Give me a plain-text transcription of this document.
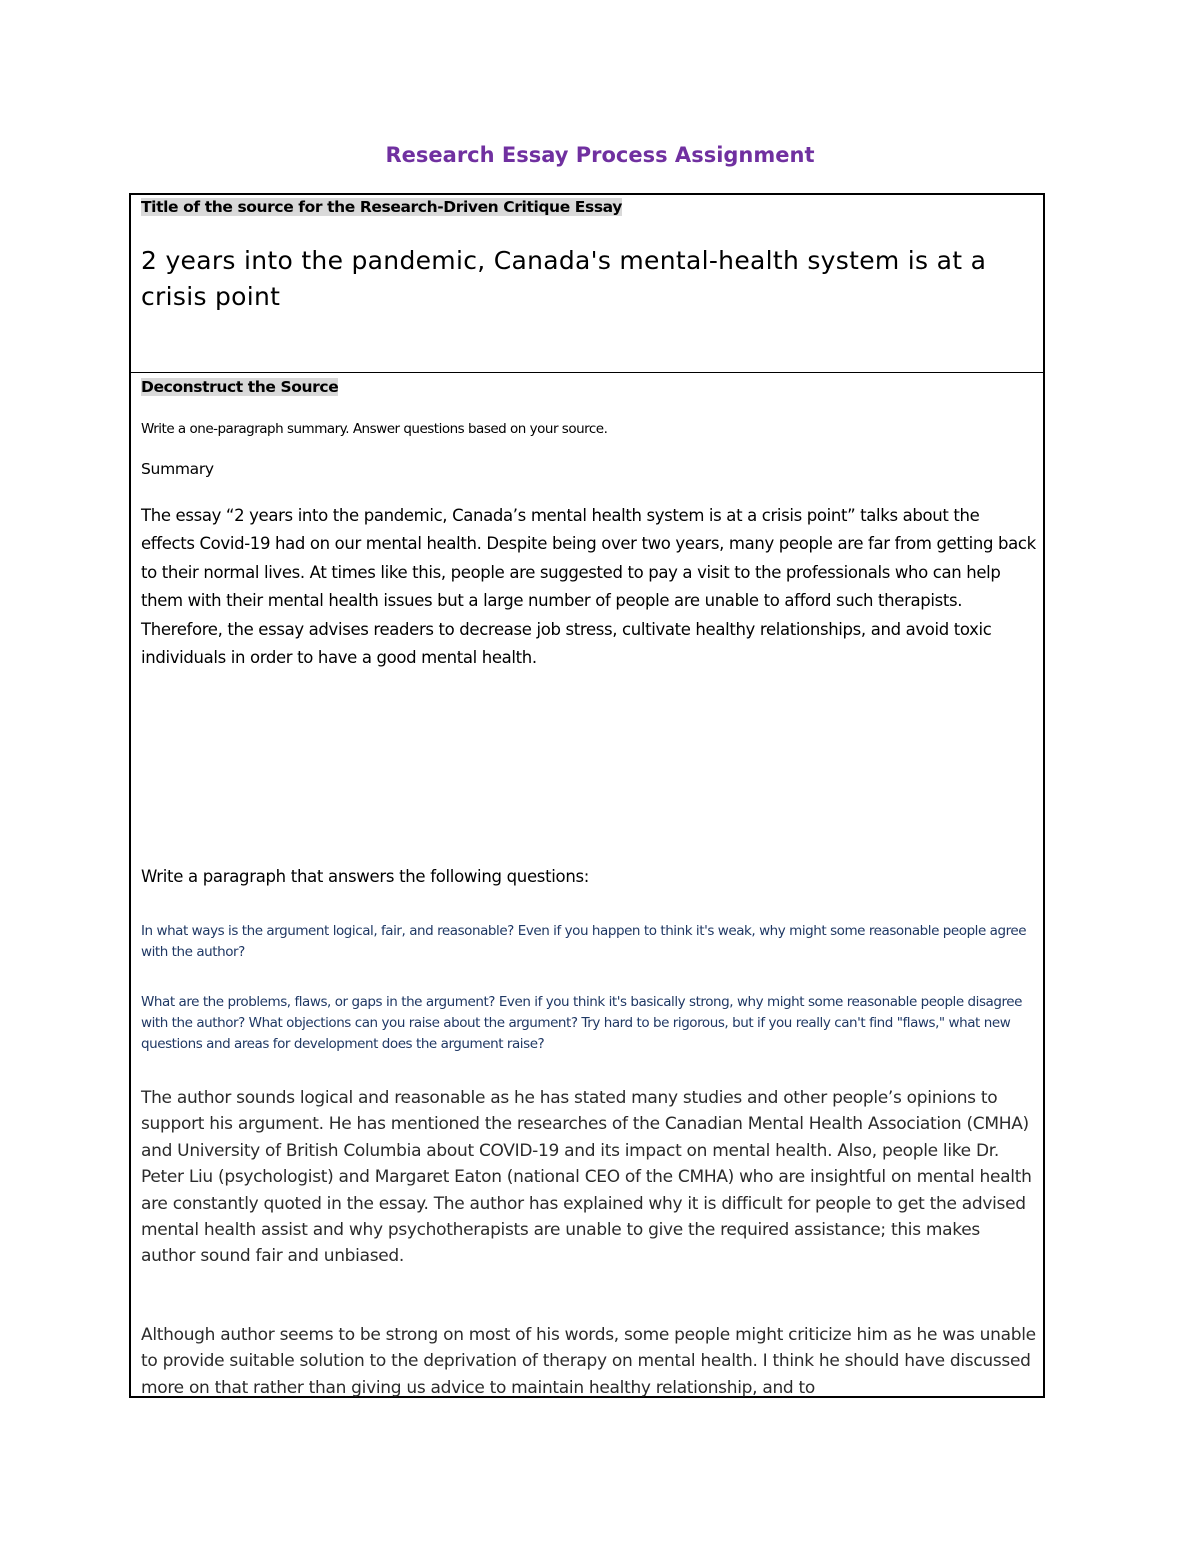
Research Essay Process Assignment

Title of the source for the Research-Driven Critique Essay

2 years into the pandemic, Canada's mental-health system is at a crisis point

Deconstruct the Source

Write a one-paragraph summary. Answer questions based on your source.

Summary

The essay “2 years into the pandemic, Canada’s mental health system is at a crisis point” talks about the effects Covid-19 had on our mental health. Despite being over two years, many people are far from getting back to their normal lives. At times like this, people are suggested to pay a visit to the professionals who can help them with their mental health issues but a large number of people are unable to afford such therapists. Therefore, the essay advises readers to decrease job stress, cultivate healthy relationships, and avoid toxic individuals in order to have a good mental health.

Write a paragraph that answers the following questions:

In what ways is the argument logical, fair, and reasonable? Even if you happen to think it's weak, why might some reasonable people agree with the author?

What are the problems, flaws, or gaps in the argument? Even if you think it's basically strong, why might some reasonable people disagree with the author? What objections can you raise about the argument? Try hard to be rigorous, but if you really can't find "flaws," what new questions and areas for development does the argument raise?

The author sounds logical and reasonable as he has stated many studies and other people’s opinions to support his argument. He has mentioned the researches of the Canadian Mental Health Association (CMHA) and University of British Columbia about COVID-19 and its impact on mental health. Also, people like Dr. Peter Liu (psychologist) and Margaret Eaton (national CEO of the CMHA) who are insightful on mental health are constantly quoted in the essay. The author has explained why it is difficult for people to get the advised mental health assist and why psychotherapists are unable to give the required assistance; this makes author sound fair and unbiased.

Although author seems to be strong on most of his words, some people might criticize him as he was unable to provide suitable solution to the deprivation of therapy on mental health. I think he should have discussed more on that rather than giving us advice to maintain healthy relationship, and to
